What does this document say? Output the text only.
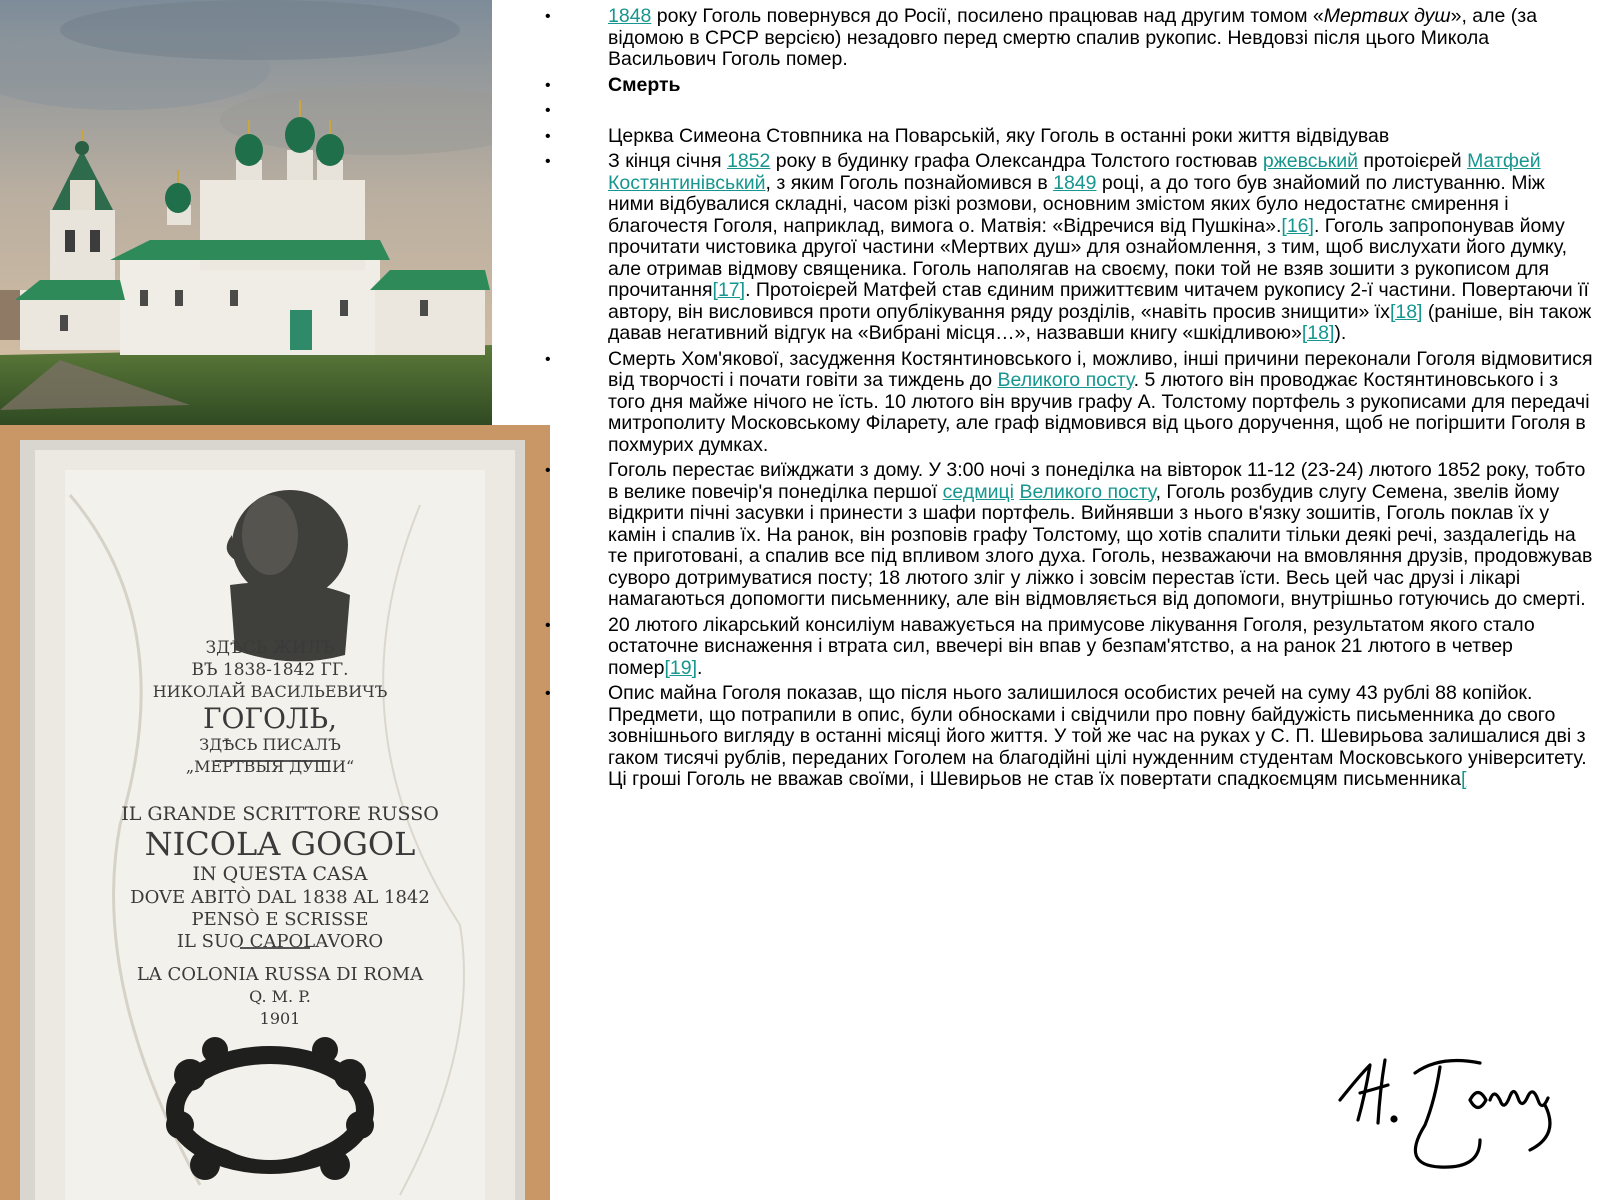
ЗДѢСЬ ЖИЛЪ
ВЪ 1838-1842 ГГ.
НИКОЛАЙ ВАСИЛЬЕВИЧЪ
ГОГОЛЬ,
ЗДѢСЬ ПИСАЛЪ
„МЕРТВЫЯ ДУШИ“
IL GRANDE SCRITTORE RUSSO
NICOLA GOGOL
IN QUESTA CASA
DOVE ABITÒ DAL 1838 AL 1842
PENSÒ E SCRISSE
IL SUO CAPOLAVORO
LA COLONIA RUSSA DI ROMA
Q. M. P.
1901
• 1848 року Гоголь повернувся до Росії, посилено працював над другим томом «Мертвих душ», але (за відомою в СРСР версією) незадовго перед смертю спалив рукопис. Невдовзі після цього Микола Васильович Гоголь помер.
• Смерть
•
• Церква Симеона Стовпника на Поварській, яку Гоголь в останні роки життя відвідував
• З кінця січня 1852 року в будинку графа Олександра Толстого гостював ржевський протоієрей Матфей Костянтинівський, з яким Гоголь познайомився в 1849 році, а до того був знайомий по листуванню. Між ними відбувалися складні, часом різкі розмови, основним змістом яких було недостатнє смирення і благочестя Гоголя, наприклад, вимога о. Матвія: «Відречися від Пушкіна».[16]. Гоголь запропонував йому прочитати чистовика другої частини «Мертвих душ» для ознайомлення, з тим, щоб вислухати його думку, але отримав відмову священика. Гоголь наполягав на своєму, поки той не взяв зошити з рукописом для прочитання[17]. Протоієрей Матфей став єдиним прижиттєвим читачем рукопису 2-ї частини. Повертаючи її автору, він висловився проти опублікування ряду розділів, «навіть просив знищити» їх[18] (раніше, він також давав негативний відгук на «Вибрані місця…», назвавши книгу «шкідливою»[18]).
• Смерть Хом'якової, засудження Костянтиновського і, можливо, інші причини переконали Гоголя відмовитися від творчості і почати говіти за тиждень до Великого посту. 5 лютого він проводжає Костянтиновського і з того дня майже нічого не їсть. 10 лютого він вручив графу А. Толстому портфель з рукописами для передачі митрополиту Московському Філарету, але граф відмовився від цього доручення, щоб не погіршити Гоголя в похмурих думках.
• Гоголь перестає виїжджати з дому. У 3:00 ночі з понеділка на вівторок 11-12 (23-24) лютого 1852 року, тобто в велике повечір'я понеділка першої седмиці Великого посту, Гоголь розбудив слугу Семена, звелів йому відкрити пічні засувки і принести з шафи портфель. Вийнявши з нього в'язку зошитів, Гоголь поклав їх у камін і спалив їх. На ранок, він розповів графу Толстому, що хотів спалити тільки деякі речі, заздалегідь на те приготовані, а спалив все під впливом злого духа. Гоголь, незважаючи на вмовляння друзів, продовжував суворо дотримуватися посту; 18 лютого зліг у ліжко і зовсім перестав їсти. Весь цей час друзі і лікарі намагаються допомогти письменнику, але він відмовляється від допомоги, внутрішньо готуючись до смерті.
• 20 лютого лікарський консиліум наважується на примусове лікування Гоголя, результатом якого стало остаточне виснаження і втрата сил, ввечері він впав у безпам'ятство, а на ранок 21 лютого в четвер помер[19].
• Опис майна Гоголя показав, що після нього залишилося особистих речей на суму 43 рублі 88 копійок. Предмети, що потрапили в опис, були обносками і свідчили про повну байдужість письменника до свого зовнішнього вигляду в останні місяці його життя. У той же час на руках у С. П. Шевирьова залишалися дві з гаком тисячі рублів, переданих Гоголем на благодійні цілі нужденним студентам Московського університету. Ці гроші Гоголь не вважав своїми, і Шевирьов не став їх повертати спадкоємцям письменника[
